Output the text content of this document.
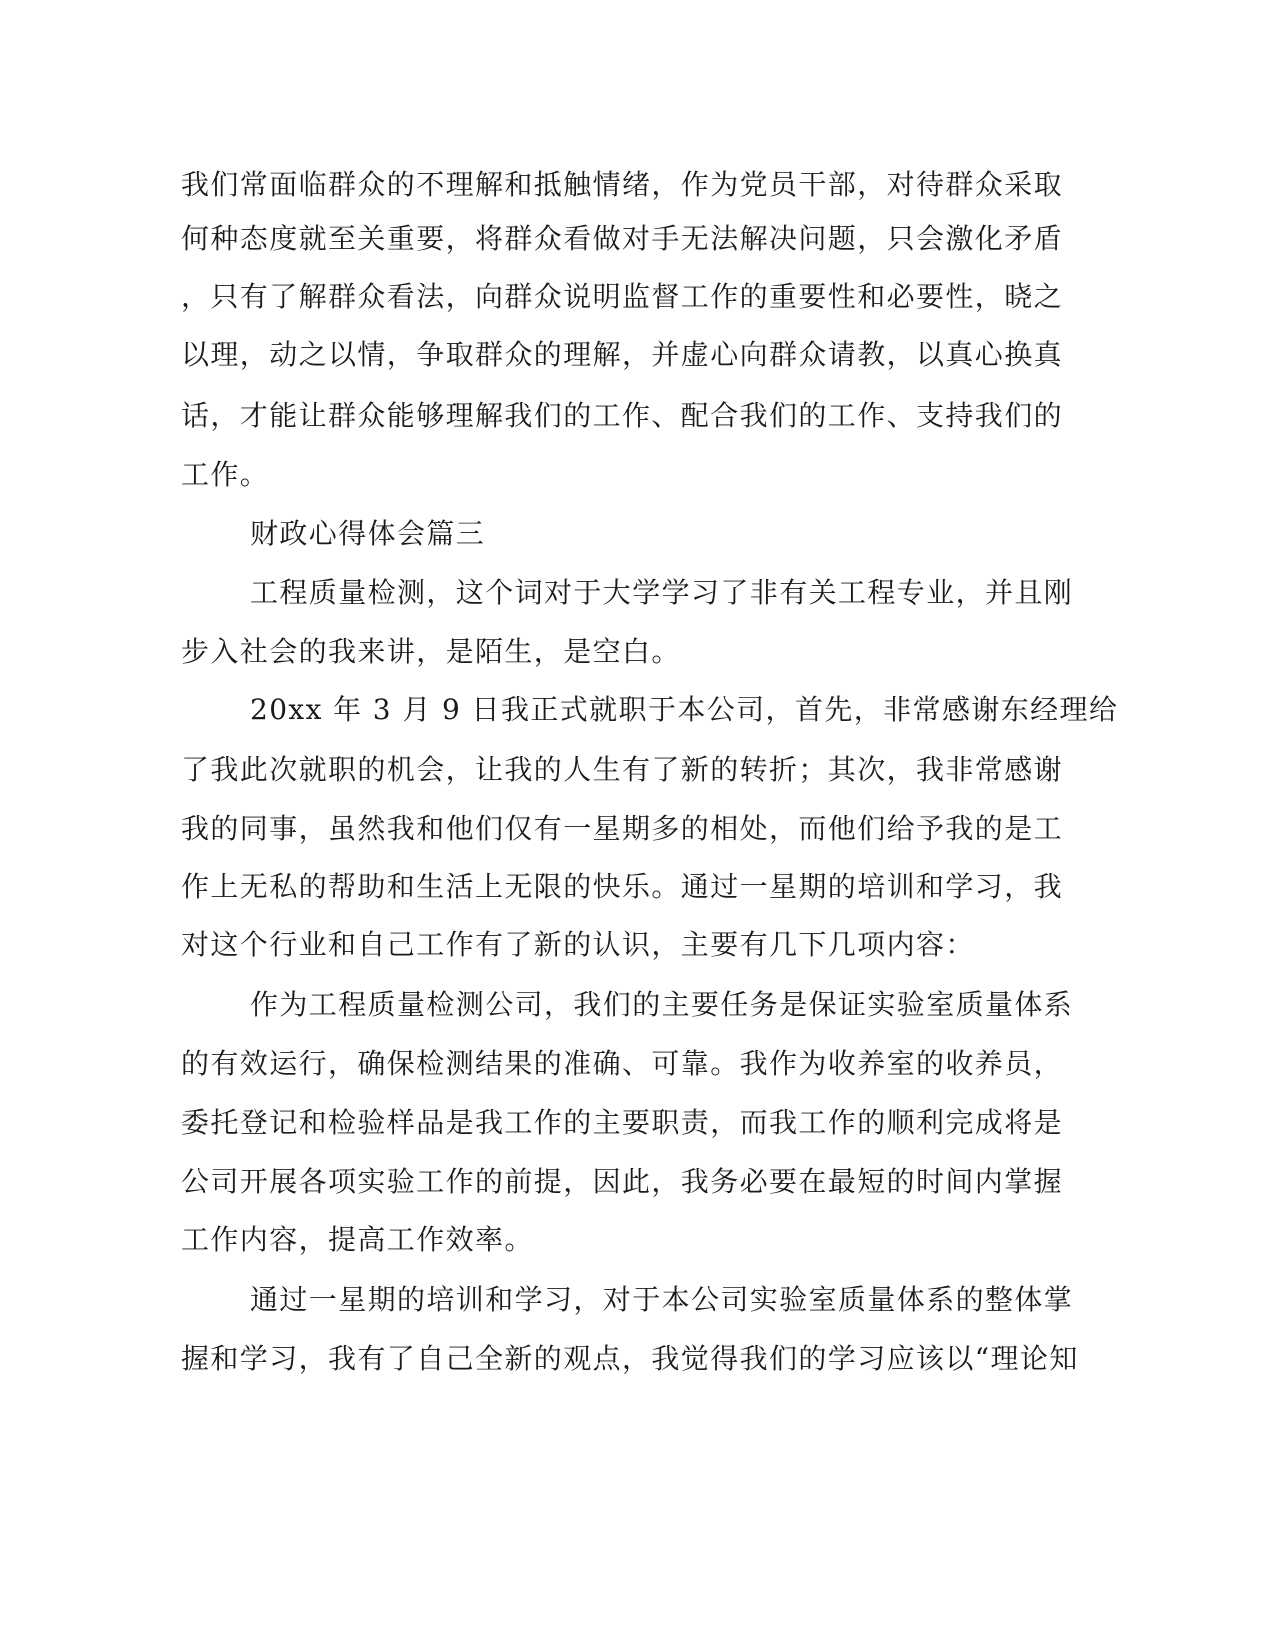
我们常面临群众的不理解和抵触情绪，作为党员干部，对待群众采取
何种态度就至关重要，将群众看做对手无法解决问题，只会激化矛盾
，只有了解群众看法，向群众说明监督工作的重要性和必要性，晓之
以理，动之以情，争取群众的理解，并虚心向群众请教，以真心换真
话，才能让群众能够理解我们的工作、配合我们的工作、支持我们的
工作。
财政心得体会篇三
工程质量检测，这个词对于大学学习了非有关工程专业，并且刚
步入社会的我来讲，是陌生，是空白。
20xx 年 3 月 9 日我正式就职于本公司，首先，非常感谢东经理给
了我此次就职的机会，让我的人生有了新的转折；其次，我非常感谢
我的同事，虽然我和他们仅有一星期多的相处，而他们给予我的是工
作上无私的帮助和生活上无限的快乐。通过一星期的培训和学习，我
对这个行业和自己工作有了新的认识，主要有几下几项内容：
作为工程质量检测公司，我们的主要任务是保证实验室质量体系
的有效运行，确保检测结果的准确、可靠。我作为收养室的收养员，
委托登记和检验样品是我工作的主要职责，而我工作的顺利完成将是
公司开展各项实验工作的前提，因此，我务必要在最短的时间内掌握
工作内容，提高工作效率。
通过一星期的培训和学习，对于本公司实验室质量体系的整体掌
握和学习，我有了自己全新的观点，我觉得我们的学习应该以“理论知
